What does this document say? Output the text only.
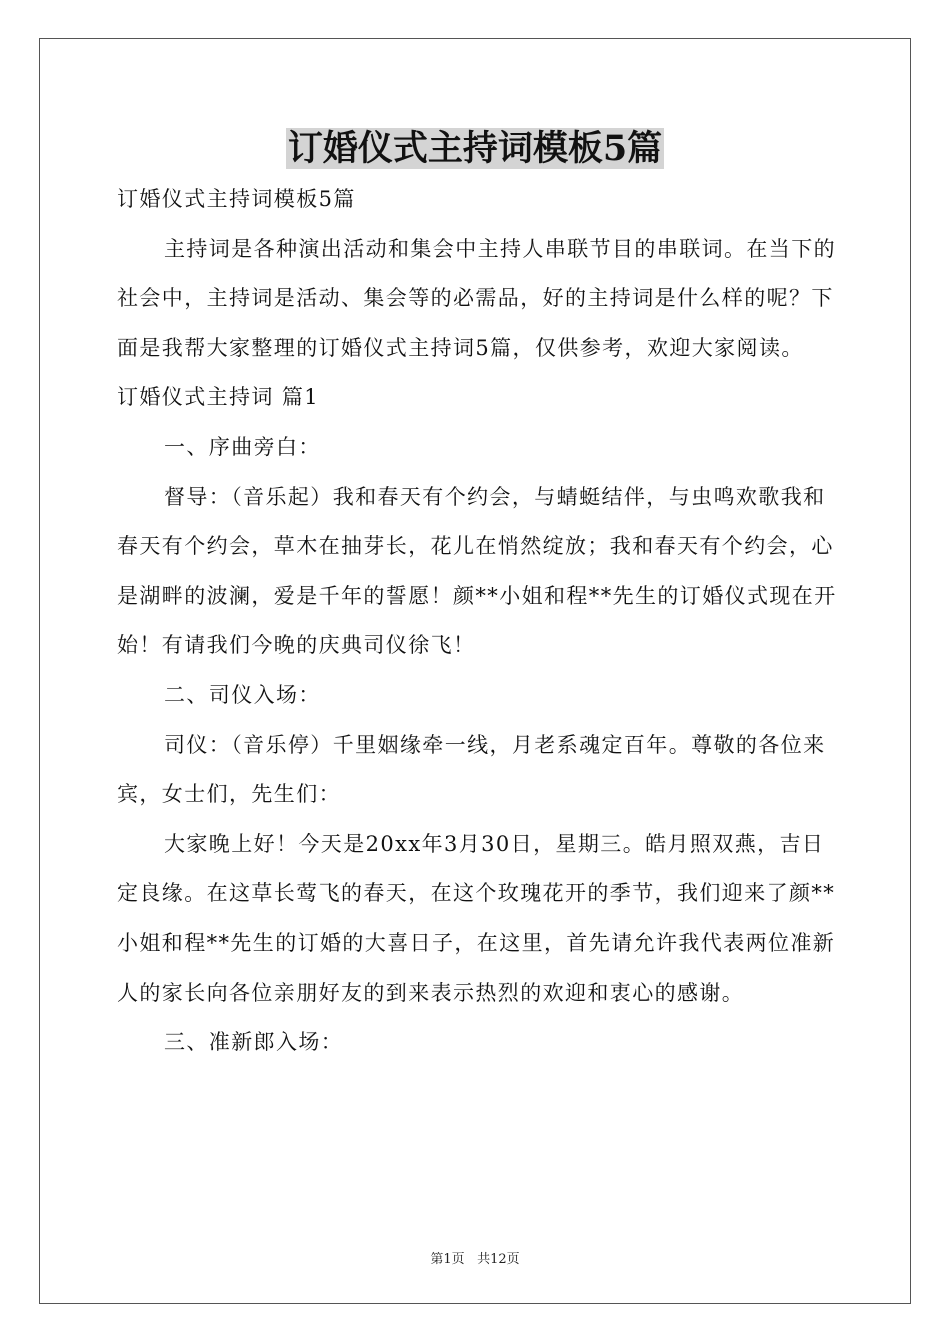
订婚仪式主持词模板5篇

订婚仪式主持词模板5篇

主持词是各种演出活动和集会中主持人串联节目的串联词。在当下的社会中，主持词是活动、集会等的必需品，好的主持词是什么样的呢？下面是我帮大家整理的订婚仪式主持词5篇，仅供参考，欢迎大家阅读。

订婚仪式主持词 篇1

一、序曲旁白：

督导：（音乐起）我和春天有个约会，与蜻蜓结伴，与虫鸣欢歌我和春天有个约会，草木在抽芽长，花儿在悄然绽放；我和春天有个约会，心是湖畔的波澜，爱是千年的誓愿！颜**小姐和程**先生的订婚仪式现在开始！有请我们今晚的庆典司仪徐飞！

二、司仪入场：

司仪：（音乐停）千里姻缘牵一线，月老系魂定百年。尊敬的各位来宾，女士们，先生们：

大家晚上好！今天是20xx年3月30日，星期三。皓月照双燕，吉日定良缘。在这草长莺飞的春天，在这个玫瑰花开的季节，我们迎来了颜**小姐和程**先生的订婚的大喜日子，在这里，首先请允许我代表两位准新人的家长向各位亲朋好友的到来表示热烈的欢迎和衷心的感谢。

三、准新郎入场：

第1页 共12页
